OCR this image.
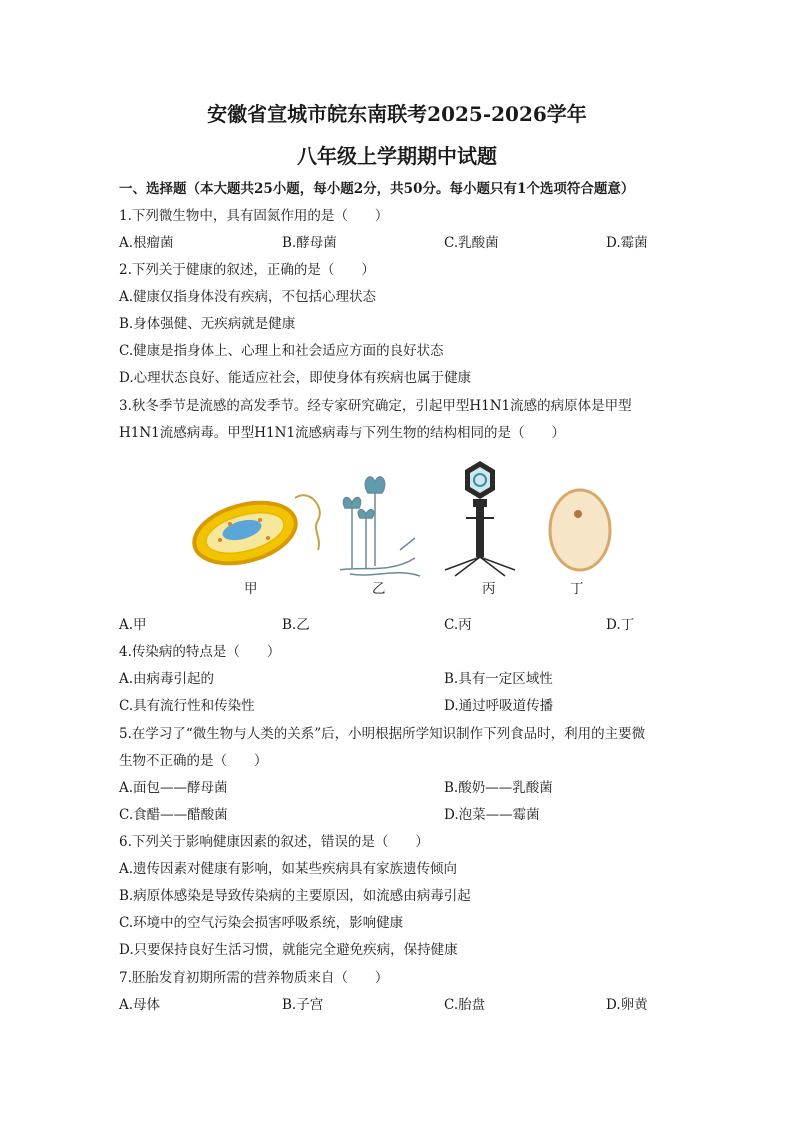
安徽省宣城市皖东南联考2025-2026学年
八年级上学期期中试题
一、选择题（本大题共25小题，每小题2分，共50分。每小题只有1个选项符合题意）
1.下列微生物中，具有固氮作用的是（　　）
A.根瘤菌	B.酵母菌	C.乳酸菌	D.霉菌
2.下列关于健康的叙述，正确的是（　　）
A.健康仅指身体没有疾病，不包括心理状态
B.身体强健、无疾病就是健康
C.健康是指身体上、心理上和社会适应方面的良好状态
D.心理状态良好、能适应社会，即使身体有疾病也属于健康
3.秋冬季节是流感的高发季节。经专家研究确定，引起甲型H1N1流感的病原体是甲型
H1N1流感病毒。甲型H1N1流感病毒与下列生物的结构相同的是（　　）
甲	乙	丙	丁
A.甲	B.乙	C.丙	D.丁
4.传染病的特点是（　　）
A.由病毒引起的	B.具有一定区域性
C.具有流行性和传染性	D.通过呼吸道传播
5.在学习了“微生物与人类的关系”后，小明根据所学知识制作下列食品时，利用的主要微
生物不正确的是（　　）
A.面包——酵母菌	B.酸奶——乳酸菌
C.食醋——醋酸菌	D.泡菜——霉菌
6.下列关于影响健康因素的叙述，错误的是（　　）
A.遗传因素对健康有影响，如某些疾病具有家族遗传倾向
B.病原体感染是导致传染病的主要原因，如流感由病毒引起
C.环境中的空气污染会损害呼吸系统，影响健康
D.只要保持良好生活习惯，就能完全避免疾病，保持健康
7.胚胎发育初期所需的营养物质来自（　　）
A.母体	B.子宫	C.胎盘	D.卵黄
